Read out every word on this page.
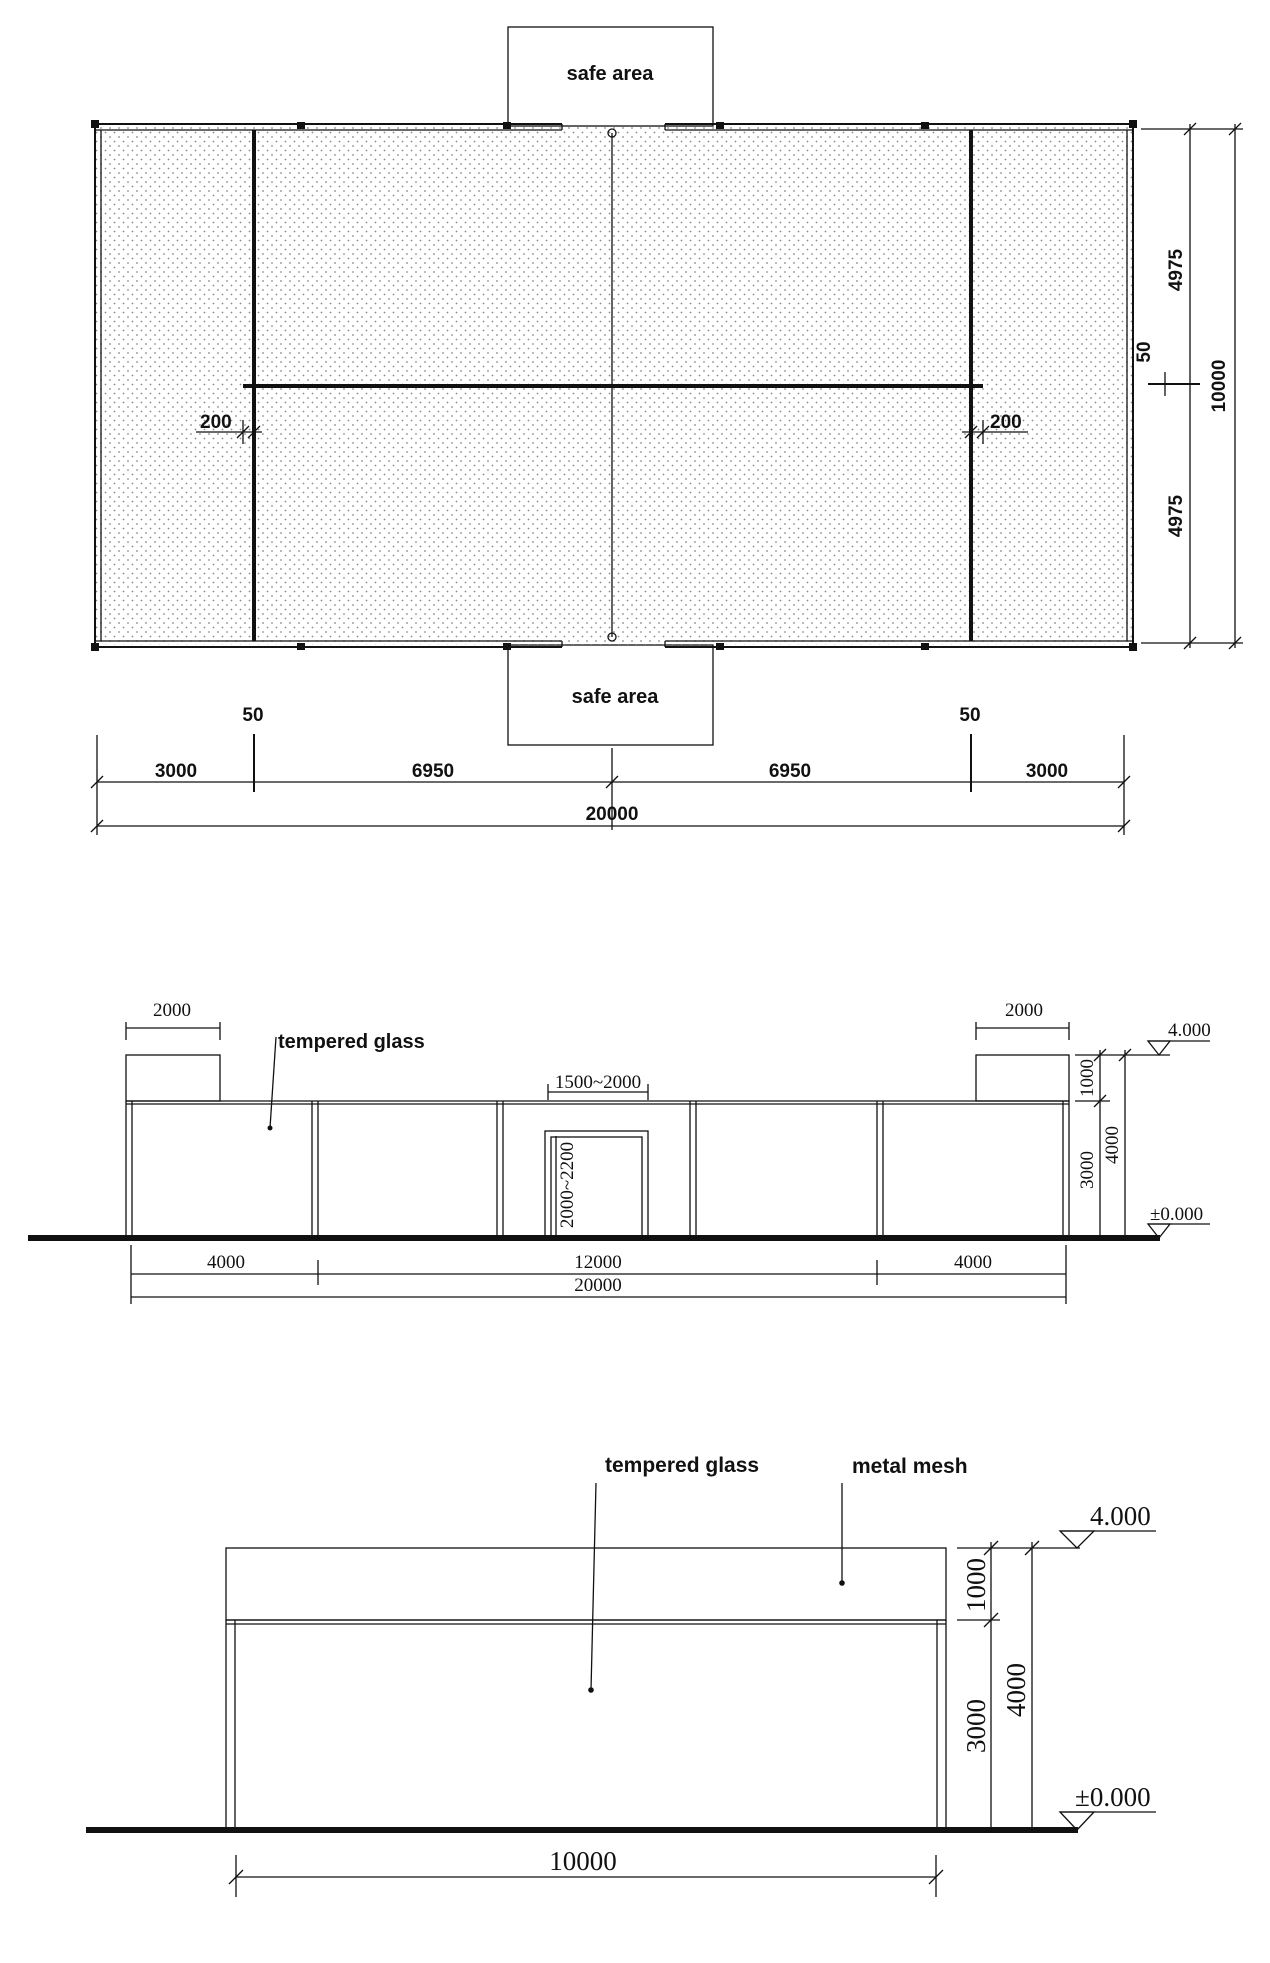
safe area
safe area
200	200
4975
4975
50
10000
3000	6950	6950	3000
50	50
20000
2000	2000
tempered glass
1500~2000
2000~2200
4000	12000	4000
20000
1000
3000
4000
4.000
±0.000
tempered glass	metal mesh
1000
3000
4000
4.000
±0.000
10000
